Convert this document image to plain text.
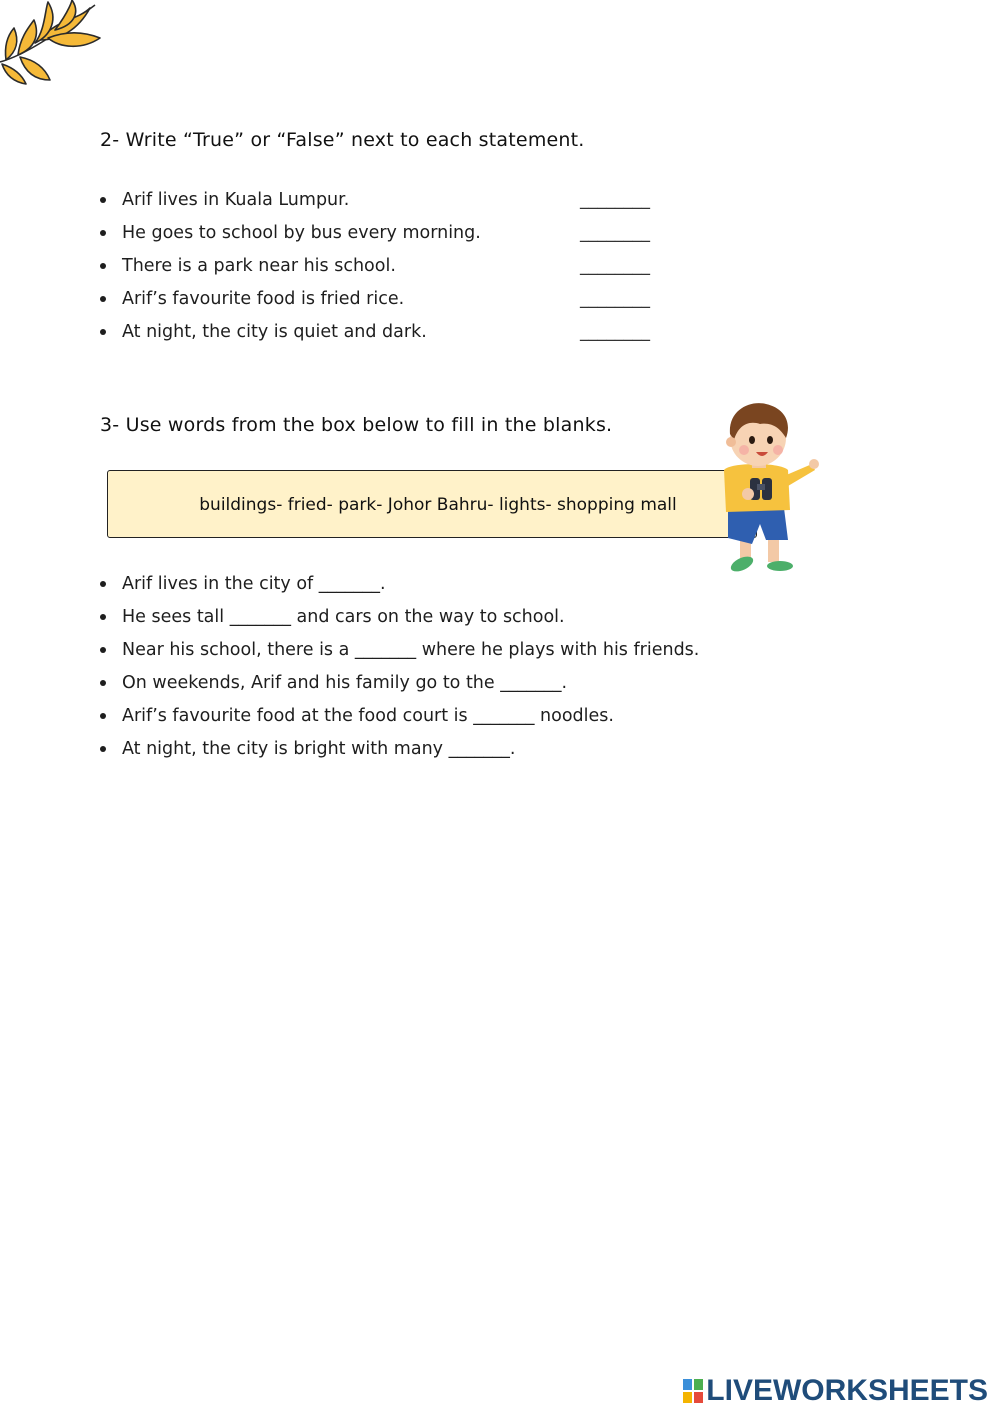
2- Write “True” or “False” next to each statement.
Arif lives in Kuala Lumpur.	________
He goes to school by bus every morning.	________
There is a park near his school.	________
Arif’s favourite food is fried rice.	________
At night, the city is quiet and dark.	________
3- Use words from the box below to fill in the blanks.
buildings- fried- park- Johor Bahru- lights- shopping mall
Arif lives in the city of _______.
He sees tall _______ and cars on the way to school.
Near his school, there is a _______ where he plays with his friends.
On weekends, Arif and his family go to the _______.
Arif’s favourite food at the food court is _______ noodles.
At night, the city is bright with many _______.
LIVEWORKSHEETS
